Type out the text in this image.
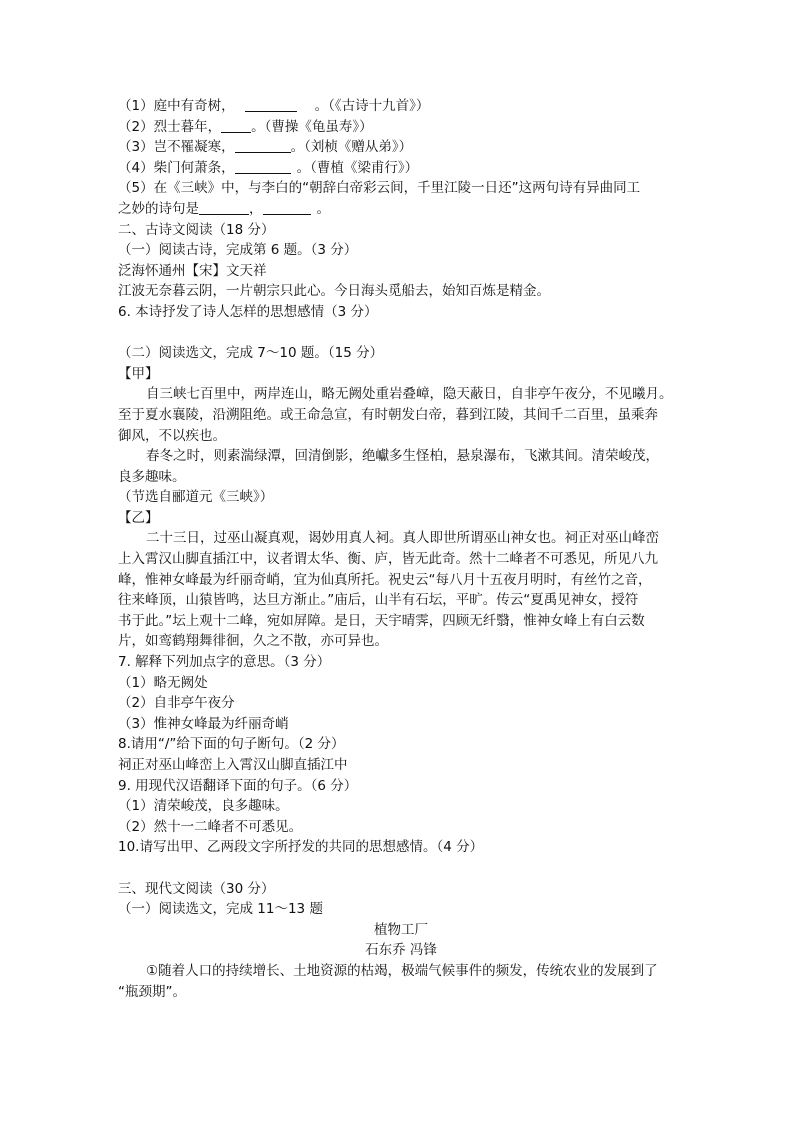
（1）庭中有奇树，	。（《古诗十九首》）

（2）烈士暮年， 。（曹操《龟虽寿》）

（3）岂不罹凝寒，	。（刘桢《赠从弟》）

（4）柴门何萧条，	。（曹植《梁甫行》）

（5）在《三峡》中，与李白的“朝辞白帝彩云间，千里江陵一日还”这两句诗有异曲同工

之妙的诗句是	，	。

二、古诗文阅读（18 分）

（一）阅读古诗，完成第 6 题。（3 分）

泛海怀通州【宋】文天祥

江波无奈暮云阴，一片朝宗只此心。今日海头觅船去，始知百炼是精金。

6. 本诗抒发了诗人怎样的思想感情（3 分）

（二）阅读选文，完成 7～10 题。（15 分）

【甲】

自三峡七百里中，两岸连山，略无阙处重岩叠嶂，隐天蔽日，自非亭午夜分，不见曦月。

至于夏水襄陵，沿溯阻绝。或王命急宣，有时朝发白帝，暮到江陵，其间千二百里，虽乘奔

御风，不以疾也。

春冬之时，则素湍绿潭，回清倒影，绝巘多生怪柏，悬泉瀑布，飞漱其间。清荣峻茂，

良多趣味。

（节选自郦道元《三峡》）

【乙】

二十三日，过巫山凝真观，谒妙用真人祠。真人即世所谓巫山神女也。祠正对巫山峰峦

上入霄汉山脚直插江中，议者谓太华、衡、庐，皆无此奇。然十二峰者不可悉见，所见八九

峰，惟神女峰最为纤丽奇峭，宜为仙真所托。祝史云“每八月十五夜月明时，有丝竹之音，

往来峰顶，山猿皆鸣，达旦方渐止。”庙后，山半有石坛，平旷。传云“夏禹见神女，授符

书于此。”坛上观十二峰，宛如屏障。是日，天宇晴霁，四顾无纤翳，惟神女峰上有白云数

片，如鸾鹤翔舞徘徊，久之不散，亦可异也。

7. 解释下列加点字的意思。（3 分）

（1）略无阙处

（2）自非亭午夜分

（3）惟神女峰最为纤丽奇峭

8.请用“/”给下面的句子断句。（2 分）

祠正对巫山峰峦上入霄汉山脚直插江中

9. 用现代汉语翻译下面的句子。（6 分）

（1）清荣峻茂，良多趣味。

（2）然十一二峰者不可悉见。

10.请写出甲、乙两段文字所抒发的共同的思想感情。（4 分）

三、现代文阅读（30 分）

（一）阅读选文，完成 11～13 题

植物工厂

石东乔 冯锋

①随着人口的持续增长、土地资源的枯竭，极端气候事件的频发，传统农业的发展到了

“瓶颈期”。
